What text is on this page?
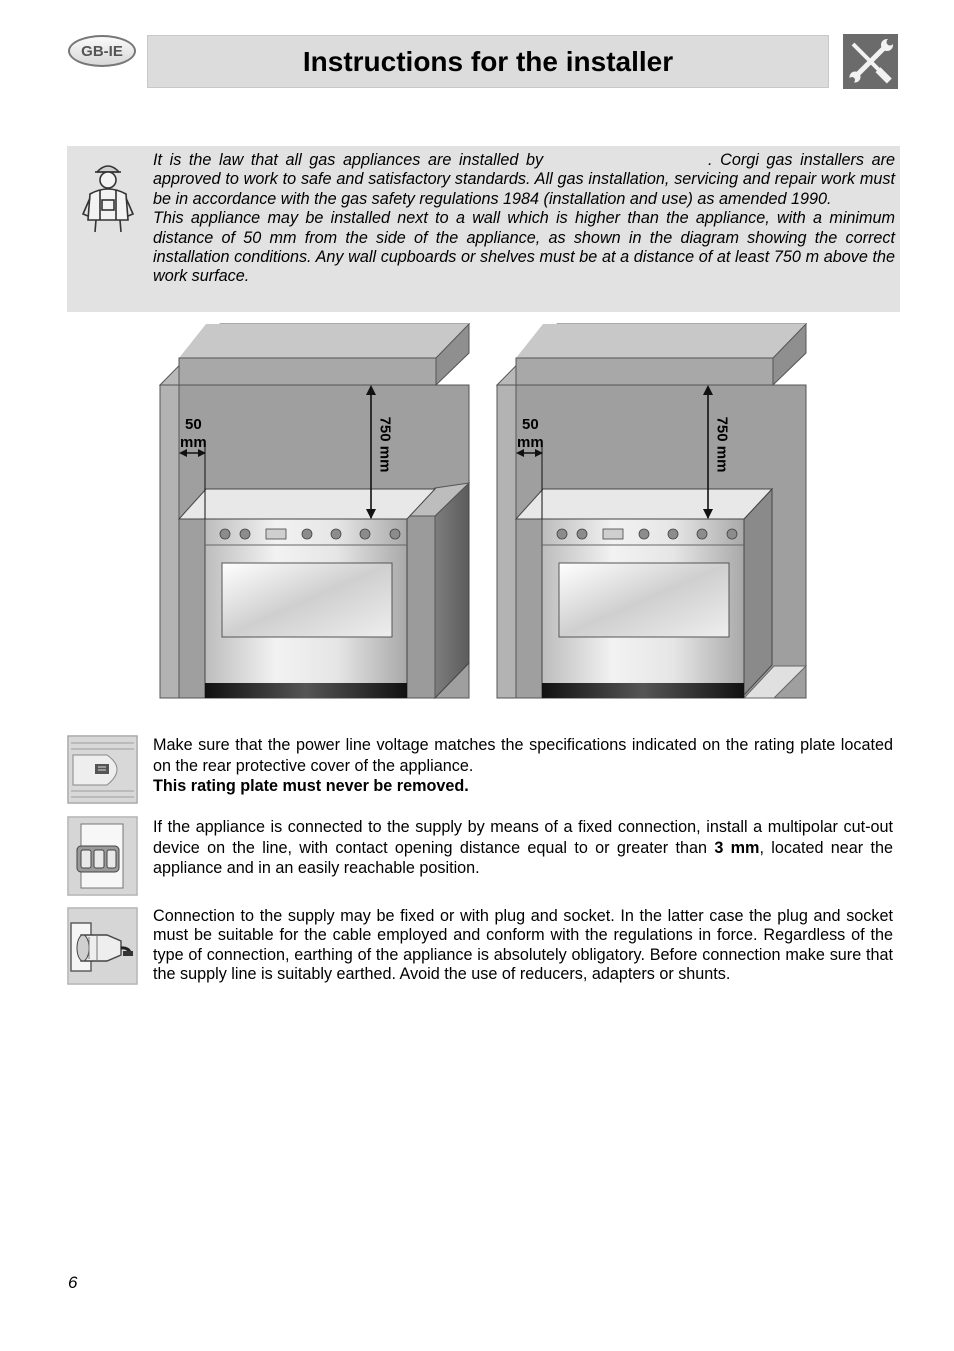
GB-IE	Instructions for the installer

It is the law that all gas appliances are installed by	. Corgi gas installers are approved to work to safe and satisfactory standards. All gas installation, servicing and repair work must be in accordance with the gas safety regulations 1984 (installation and use) as amended 1990.

This appliance may be installed next to a wall which is higher than the appliance, with a minimum distance of 50 mm from the side of the appliance, as shown in the diagram showing the correct installation conditions. Any wall cupboards or shelves must be at a distance of at least 750 m above the work surface.

50
mm	750 mm	50
mm	750 mm

Make sure that the power line voltage matches the specifications indicated on the rating plate located on the rear protective cover of the appliance.

This rating plate must never be removed.

If the appliance is connected to the supply by means of a fixed connection, install a multipolar cut-out device on the line, with contact opening distance equal to or greater than 3 mm, located near the appliance and in an easily reachable position.

Connection to the supply may be fixed or with plug and socket. In the latter case the plug and socket must be suitable for the cable employed and conform with the regulations in force. Regardless of the type of connection, earthing of the appliance is absolutely obligatory. Before connection make sure that the supply line is suitably earthed. Avoid the use of reducers, adapters or shunts.

6
